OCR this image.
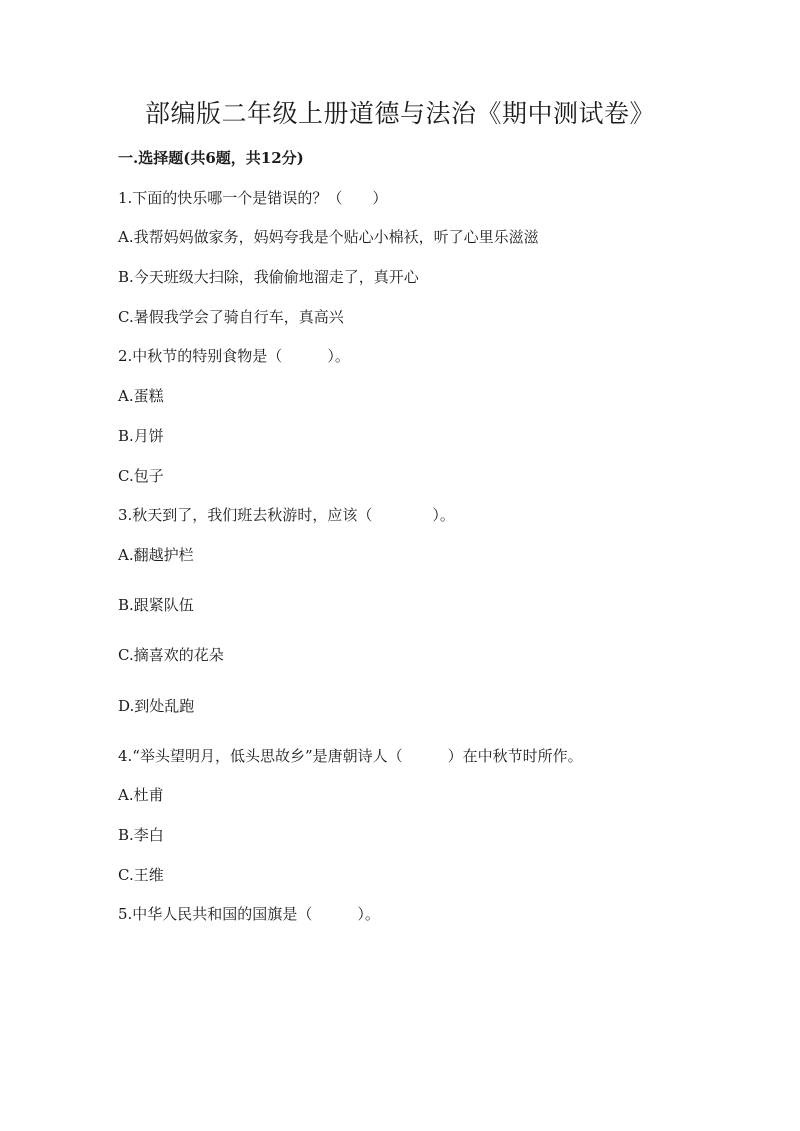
部编版二年级上册道德与法治《期中测试卷》
一.选择题(共6题，共12分)
1.下面的快乐哪一个是错误的？（　　）
A.我帮妈妈做家务，妈妈夸我是个贴心小棉袄，听了心里乐滋滋
B.今天班级大扫除，我偷偷地溜走了，真开心
C.暑假我学会了骑自行车，真高兴
2.中秋节的特别食物是（　　　）。
A.蛋糕
B.月饼
C.包子
3.秋天到了，我们班去秋游时，应该（　　　　）。
A.翻越护栏
B.跟紧队伍
C.摘喜欢的花朵
D.到处乱跑
4.“举头望明月，低头思故乡”是唐朝诗人（　　　）在中秋节时所作。
A.杜甫
B.李白
C.王维
5.中华人民共和国的国旗是（　　　）。
